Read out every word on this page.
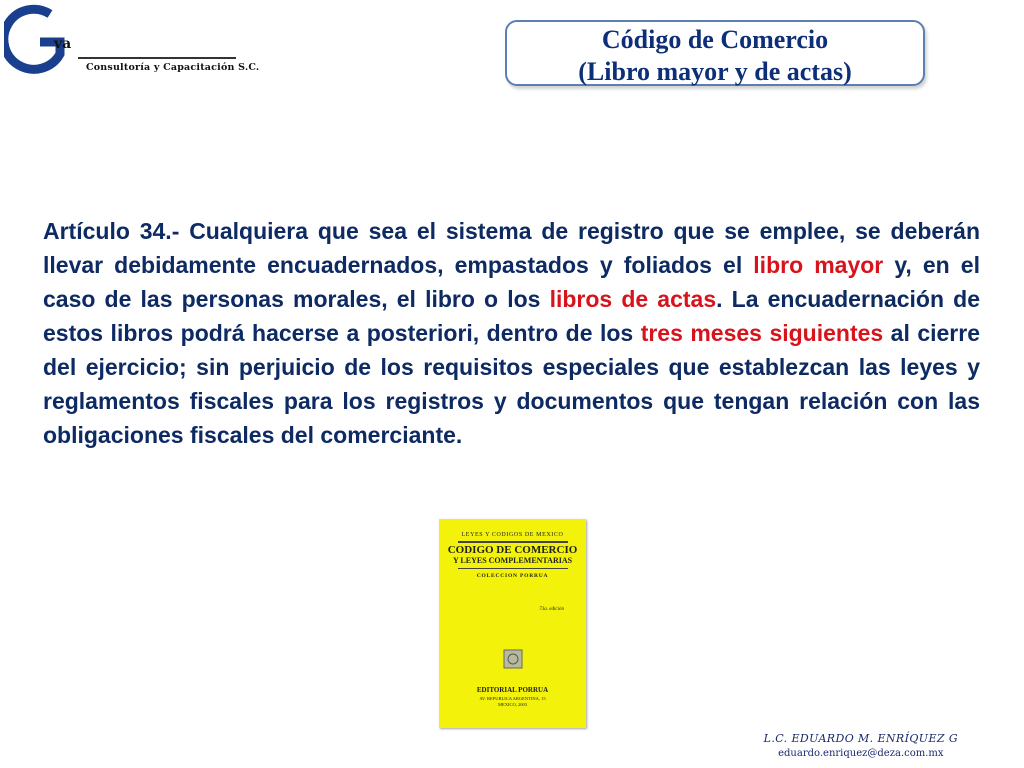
va
Consultoría y Capacitación S.C.
Código de Comercio
(Libro mayor y de actas)

Artículo 34.- Cualquiera que sea el sistema de registro que se emplee, se deberán llevar debidamente encuadernados, empastados y foliados el libro mayor y, en el caso de las personas morales, el libro o los libros de actas. La encuadernación de estos libros podrá hacerse a posteriori, dentro de los tres meses siguientes al cierre del ejercicio; sin perjuicio de los requisitos especiales que establezcan las leyes y reglamentos fiscales para los registros y documentos que tengan relación con las obligaciones fiscales del comerciante.

LEYES Y CODIGOS DE MEXICO
CODIGO DE COMERCIO
Y LEYES COMPLEMENTARIAS
COLECCION PORRUA
73a. edición
EDITORIAL PORRUA
AV. REPUBLICA ARGENTINA, 15
MEXICO, 2003
L.C. EDUARDO M. ENRÍQUEZ G
eduardo.enriquez@deza.com.mx
